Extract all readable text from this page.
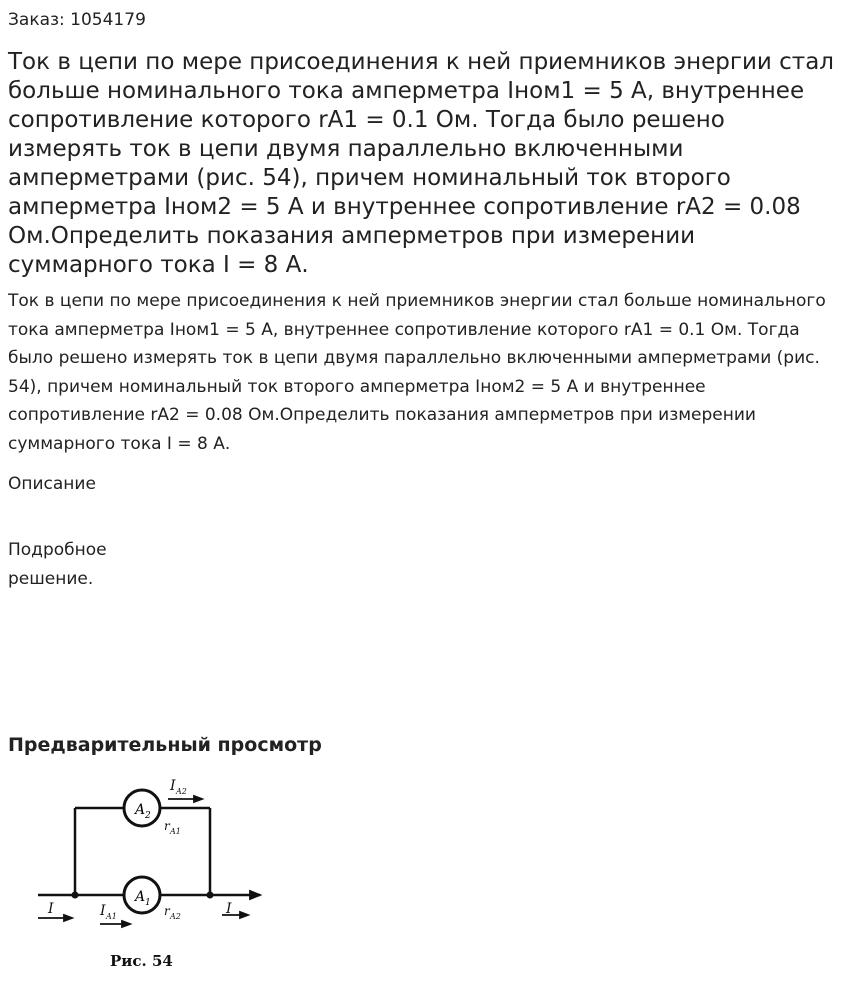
Заказ: 1054179
Ток в цепи по мере присоединения к ней приемников энергии стал больше номинального тока амперметра Iном1 = 5 А, внутреннее сопротивление которого rA1 = 0.1 Ом. Тогда было решено измерять ток в цепи двумя параллельно включенными амперметрами (рис. 54), причем номинальный ток второго амперметра Iном2 = 5 А и внутреннее сопротивление rA2 = 0.08 Ом.Определить показания амперметров при измерении суммарного тока I = 8 А.
Ток в цепи по мере присоединения к ней приемников энергии стал больше номинального тока амперметра Iном1 = 5 А, внутреннее сопротивление которого rA1 = 0.1 Ом. Тогда было решено измерять ток в цепи двумя параллельно включенными амперметрами (рис. 54), причем номинальный ток второго амперметра Iном2 = 5 А и внутреннее сопротивление rA2 = 0.08 Ом.Определить показания амперметров при измерении суммарного тока I = 8 А.
Описание
Подробное решение.
Предварительный просмотр
A 2
A 1
I A2
r A1
I	I A1	r A2	I
Рис. 54
